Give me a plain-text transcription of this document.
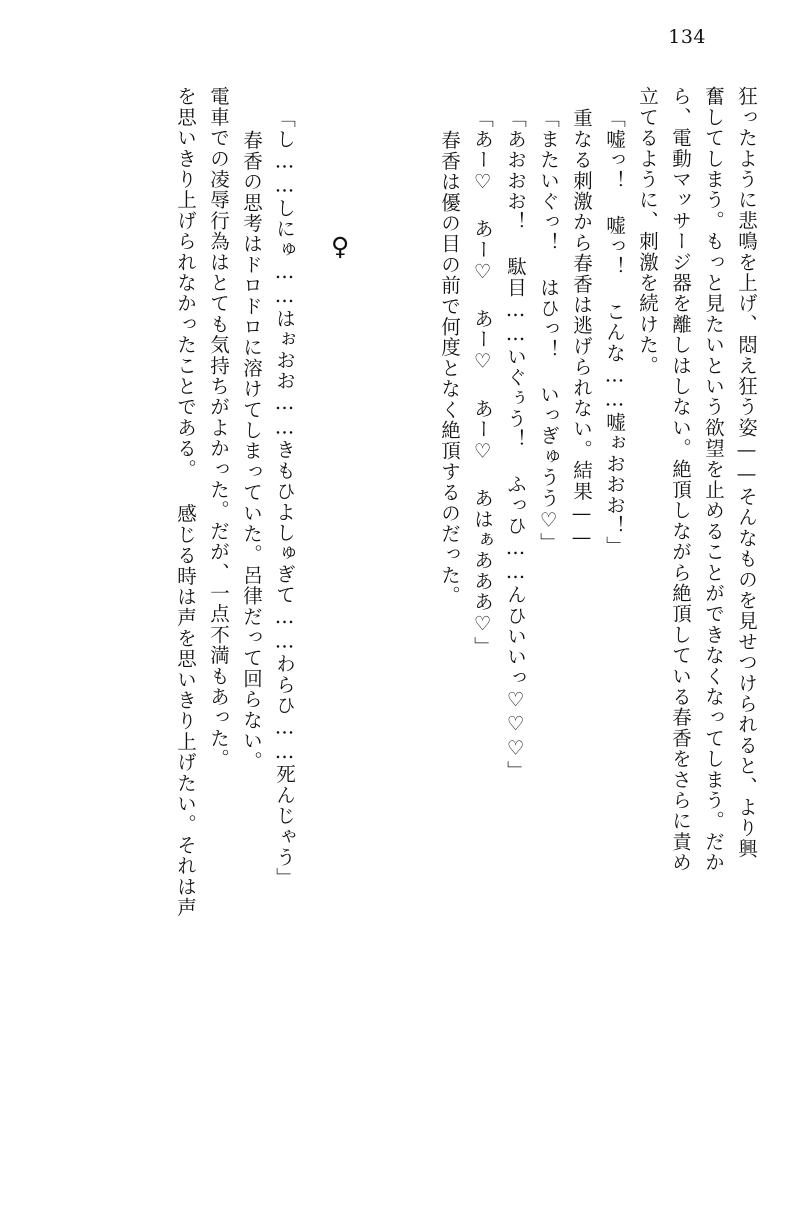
134
狂ったように悲鳴を上げ、悶え狂う姿——そんなものを見せつけられると、より興
奮してしまう。もっと見たいという欲望を止めることができなくなってしまう。だか
ら、電動マッサージ器を離しはしない。絶頂しながら絶頂している春香をさらに責め
立てるように、刺激を続けた。
「嘘っ！ 嘘っ！ こんな……嘘ぉおおお！」
重なる刺激から春香は逃げられない。結果——
「またいぐっ！ はひっ！ いっぎゅうう♡」
「あおおお！ 駄目……いぐぅう！ ふっひ……んひいいっ♡♡♡」
「あー♡ あー♡ あー♡ あー♡ あはぁあああ♡」
春香は優の目の前で何度となく絶頂するのだった。
♀
「し……しにゅ……はぉおお……きもひよしゅぎて……わらひ……死んじゃう」
春香の思考はドロドロに溶けてしまっていた。呂律だって回らない。
電車での凌辱行為はとても気持ちがよかった。だが、一点不満もあった。
を思いきり上げられなかったことである。 感じる時は声を思いきり上げたい。それは声
